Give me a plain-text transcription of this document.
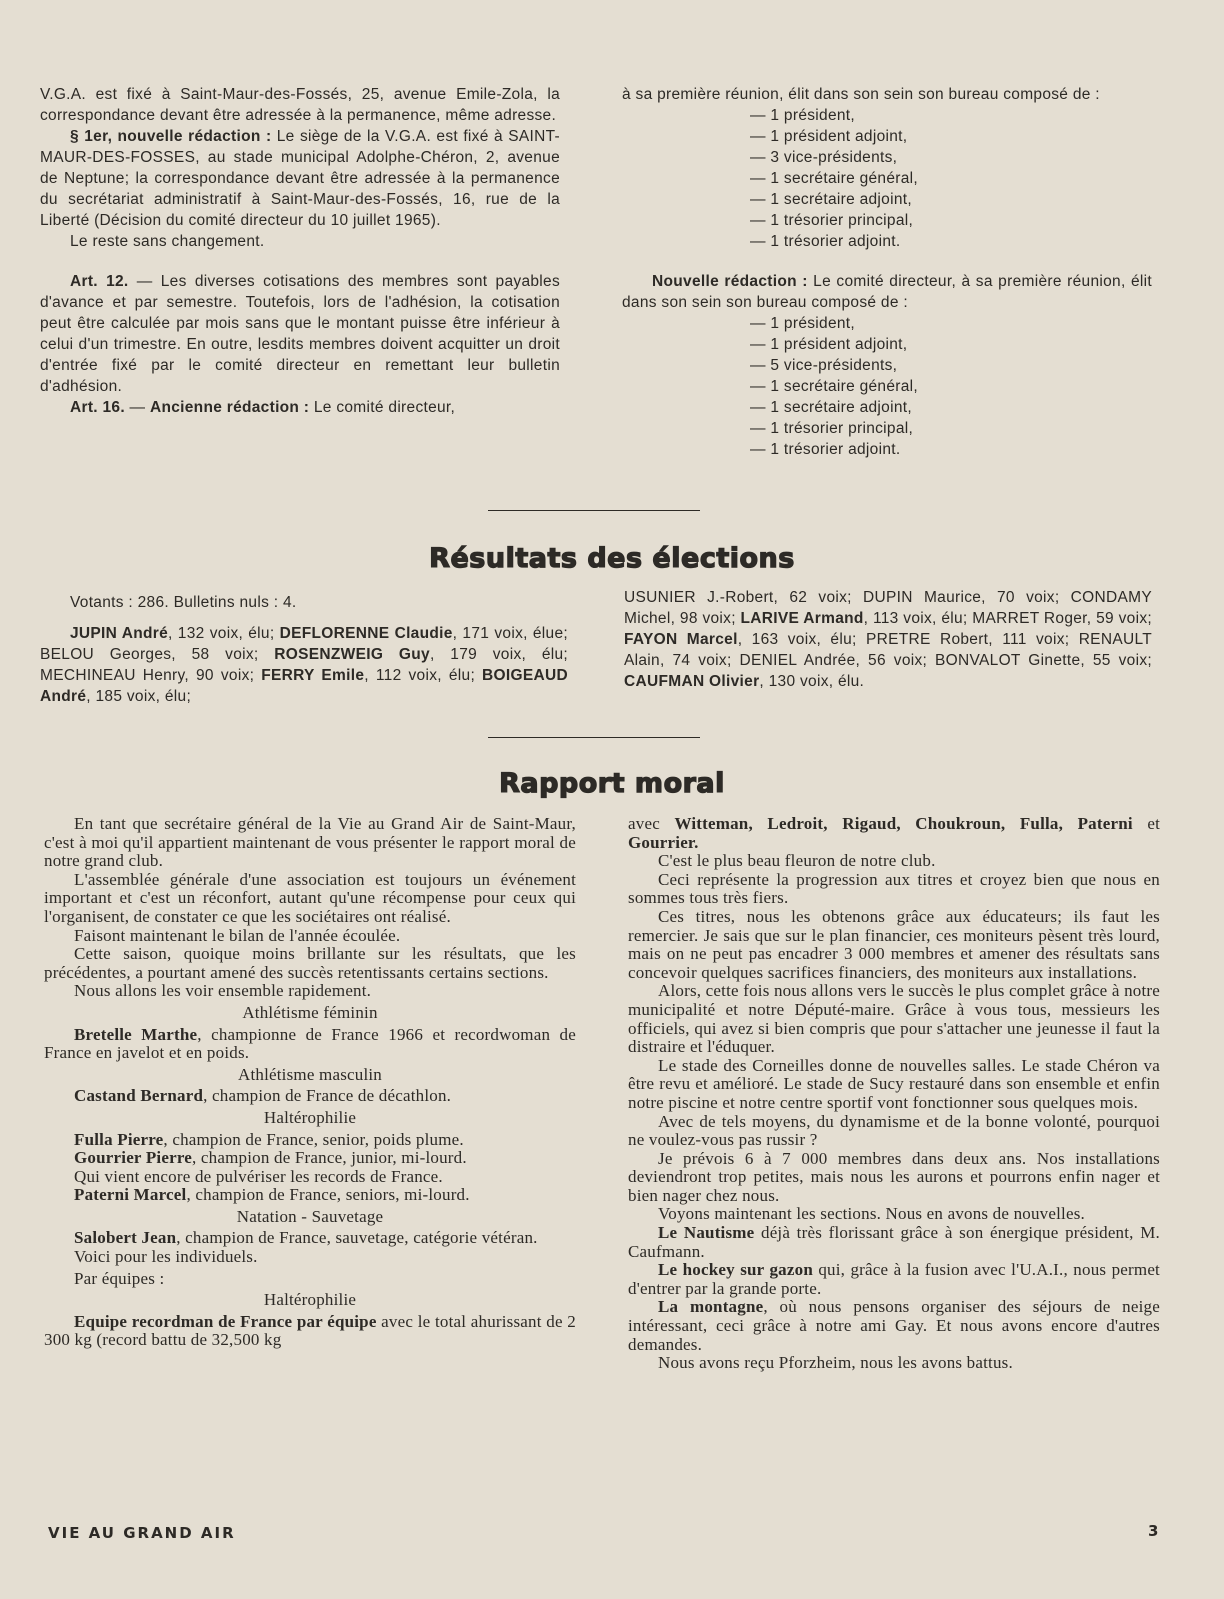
V.G.A. est fixé à Saint-Maur-des-Fossés, 25, avenue Emile-Zola, la correspondance devant être adressée à la permanence, même adresse.

§ 1er, nouvelle rédaction : Le siège de la V.G.A. est fixé à SAINT-MAUR-DES-FOSSES, au stade municipal Adolphe-Chéron, 2, avenue de Neptune; la correspondance devant être adressée à la permanence du secrétariat administratif à Saint-Maur-des-Fossés, 16, rue de la Liberté (Décision du comité directeur du 10 juillet 1965).

Le reste sans changement.

Art. 12. — Les diverses cotisations des membres sont payables d'avance et par semestre. Toutefois, lors de l'adhésion, la cotisation peut être calculée par mois sans que le montant puisse être inférieur à celui d'un trimestre. En outre, lesdits membres doivent acquitter un droit d'entrée fixé par le comité directeur en remettant leur bulletin d'adhésion.

Art. 16. — Ancienne rédaction : Le comité directeur,

à sa première réunion, élit dans son sein son bureau composé de :

— 1 président,

— 1 président adjoint,

— 3 vice-présidents,

— 1 secrétaire général,

— 1 secrétaire adjoint,

— 1 trésorier principal,

— 1 trésorier adjoint.

Nouvelle rédaction : Le comité directeur, à sa première réunion, élit dans son sein son bureau composé de :

— 1 président,

— 1 président adjoint,

— 5 vice-présidents,

— 1 secrétaire général,

— 1 secrétaire adjoint,

— 1 trésorier principal,

— 1 trésorier adjoint.

Résultats des élections

Votants : 286. Bulletins nuls : 4.

JUPIN André, 132 voix, élu; DEFLORENNE Claudie, 171 voix, élue; BELOU Georges, 58 voix; ROSENZWEIG Guy, 179 voix, élu; MECHINEAU Henry, 90 voix; FERRY Emile, 112 voix, élu; BOIGEAUD André, 185 voix, élu;

USUNIER J.-Robert, 62 voix; DUPIN Maurice, 70 voix; CONDAMY Michel, 98 voix; LARIVE Armand, 113 voix, élu; MARRET Roger, 59 voix; FAYON Marcel, 163 voix, élu; PRETRE Robert, 111 voix; RENAULT Alain, 74 voix; DENIEL Andrée, 56 voix; BONVALOT Ginette, 55 voix; CAUFMAN Olivier, 130 voix, élu.

Rapport moral

En tant que secrétaire général de la Vie au Grand Air de Saint-Maur, c'est à moi qu'il appartient maintenant de vous présenter le rapport moral de notre grand club.

L'assemblée générale d'une association est toujours un événement important et c'est un réconfort, autant qu'une récompense pour ceux qui l'organisent, de constater ce que les sociétaires ont réalisé.

Faisont maintenant le bilan de l'année écoulée.

Cette saison, quoique moins brillante sur les résultats, que les précédentes, a pourtant amené des succès retentissants certains sections.

Nous allons les voir ensemble rapidement.

Athlétisme féminin

Bretelle Marthe, championne de France 1966 et recordwoman de France en javelot et en poids.

Athlétisme masculin

Castand Bernard, champion de France de décathlon.

Haltérophilie

Fulla Pierre, champion de France, senior, poids plume.

Gourrier Pierre, champion de France, junior, mi-lourd.

Qui vient encore de pulvériser les records de France.

Paterni Marcel, champion de France, seniors, mi-lourd.

Natation - Sauvetage

Salobert Jean, champion de France, sauvetage, catégorie vétéran.

Voici pour les individuels.

Par équipes :

Haltérophilie

Equipe recordman de France par équipe avec le total ahurissant de 2 300 kg (record battu de 32,500 kg

avec Witteman, Ledroit, Rigaud, Choukroun, Fulla, Paterni et Gourrier.

C'est le plus beau fleuron de notre club.

Ceci représente la progression aux titres et croyez bien que nous en sommes tous très fiers.

Ces titres, nous les obtenons grâce aux éducateurs; ils faut les remercier. Je sais que sur le plan financier, ces moniteurs pèsent très lourd, mais on ne peut pas encadrer 3 000 membres et amener des résultats sans concevoir quelques sacrifices financiers, des moniteurs aux installations.

Alors, cette fois nous allons vers le succès le plus complet grâce à notre municipalité et notre Député-maire. Grâce à vous tous, messieurs les officiels, qui avez si bien compris que pour s'attacher une jeunesse il faut la distraire et l'éduquer.

Le stade des Corneilles donne de nouvelles salles. Le stade Chéron va être revu et amélioré. Le stade de Sucy restauré dans son ensemble et enfin notre piscine et notre centre sportif vont fonctionner sous quelques mois.

Avec de tels moyens, du dynamisme et de la bonne volonté, pourquoi ne voulez-vous pas russir ?

Je prévois 6 à 7 000 membres dans deux ans. Nos installations deviendront trop petites, mais nous les aurons et pourrons enfin nager et bien nager chez nous.

Voyons maintenant les sections. Nous en avons de nouvelles.

Le Nautisme déjà très florissant grâce à son énergique président, M. Caufmann.

Le hockey sur gazon qui, grâce à la fusion avec l'U.A.I., nous permet d'entrer par la grande porte.

La montagne, où nous pensons organiser des séjours de neige intéressant, ceci grâce à notre ami Gay. Et nous avons encore d'autres demandes.

Nous avons reçu Pforzheim, nous les avons battus.

VIE AU GRAND AIR	3
